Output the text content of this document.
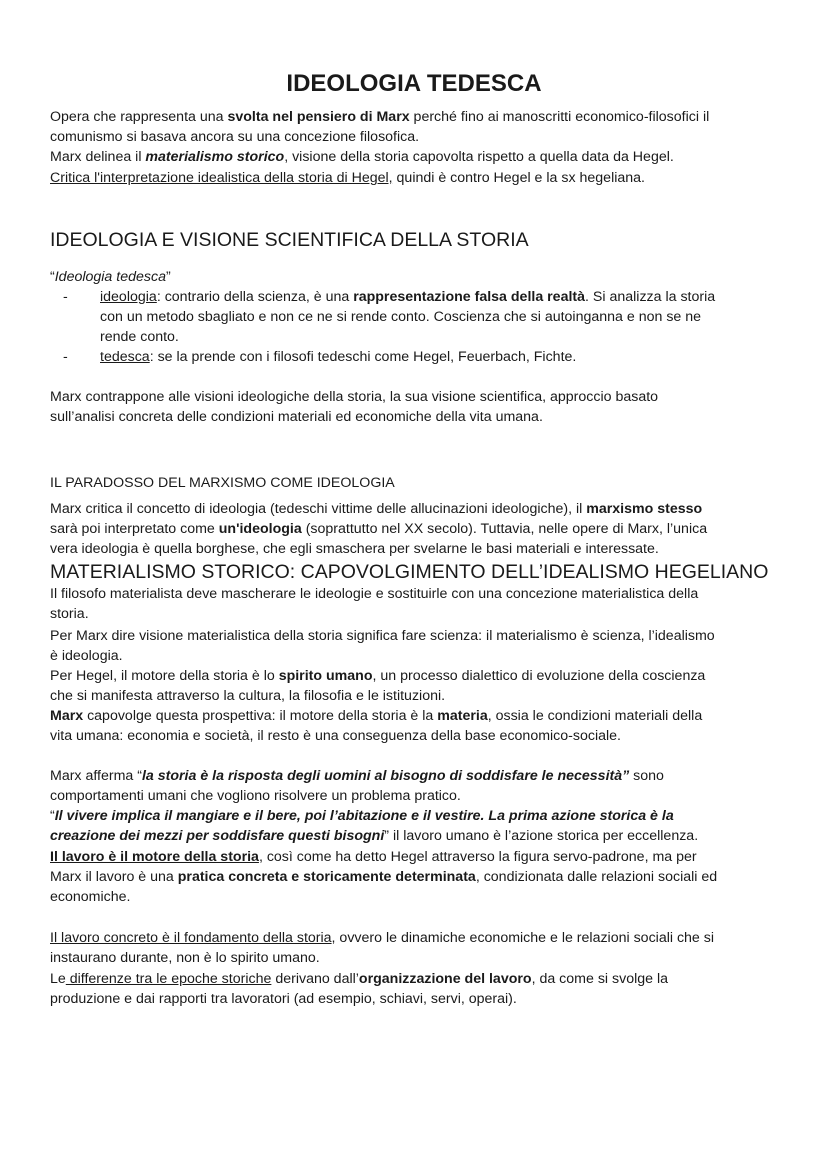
IDEOLOGIA TEDESCA
Opera che rappresenta una svolta nel pensiero di Marx perché fino ai manoscritti economico-filosofici il
comunismo si basava ancora su una concezione filosofica.
Marx delinea il materialismo storico, visione della storia capovolta rispetto a quella data da Hegel.
Critica l'interpretazione idealistica della storia di Hegel, quindi è contro Hegel e la sx hegeliana.
IDEOLOGIA E VISIONE SCIENTIFICA DELLA STORIA
“Ideologia tedesca”
- ideologia: contrario della scienza, è una rappresentazione falsa della realtà. Si analizza la storia
con un metodo sbagliato e non ce ne si rende conto. Coscienza che si autoinganna e non se ne
rende conto.
- tedesca: se la prende con i filosofi tedeschi come Hegel, Feuerbach, Fichte.
Marx contrappone alle visioni ideologiche della storia, la sua visione scientifica, approccio basato
sull’analisi concreta delle condizioni materiali ed economiche della vita umana.
IL PARADOSSO DEL MARXISMO COME IDEOLOGIA
Marx critica il concetto di ideologia (tedeschi vittime delle allucinazioni ideologiche), il marxismo stesso
sarà poi interpretato come un'ideologia (soprattutto nel XX secolo). Tuttavia, nelle opere di Marx, l’unica
vera ideologia è quella borghese, che egli smaschera per svelarne le basi materiali e interessate.
MATERIALISMO STORICO: CAPOVOLGIMENTO DELL’IDEALISMO HEGELIANO
Il filosofo materialista deve mascherare le ideologie e sostituirle con una concezione materialistica della
storia.
Per Marx dire visione materialistica della storia significa fare scienza: il materialismo è scienza, l’idealismo
è ideologia.
Per Hegel, il motore della storia è lo spirito umano, un processo dialettico di evoluzione della coscienza
che si manifesta attraverso la cultura, la filosofia e le istituzioni.
Marx capovolge questa prospettiva: il motore della storia è la materia, ossia le condizioni materiali della
vita umana: economia e società, il resto è una conseguenza della base economico-sociale.
Marx afferma “la storia è la risposta degli uomini al bisogno di soddisfare le necessità” sono
comportamenti umani che vogliono risolvere un problema pratico.
“Il vivere implica il mangiare e il bere, poi l’abitazione e il vestire. La prima azione storica è la
creazione dei mezzi per soddisfare questi bisogni” il lavoro umano è l’azione storica per eccellenza.
Il lavoro è il motore della storia, così come ha detto Hegel attraverso la figura servo-padrone, ma per
Marx il lavoro è una pratica concreta e storicamente determinata, condizionata dalle relazioni sociali ed
economiche.
Il lavoro concreto è il fondamento della storia, ovvero le dinamiche economiche e le relazioni sociali che si
instaurano durante, non è lo spirito umano.
Le differenze tra le epoche storiche derivano dall’organizzazione del lavoro, da come si svolge la
produzione e dai rapporti tra lavoratori (ad esempio, schiavi, servi, operai).
